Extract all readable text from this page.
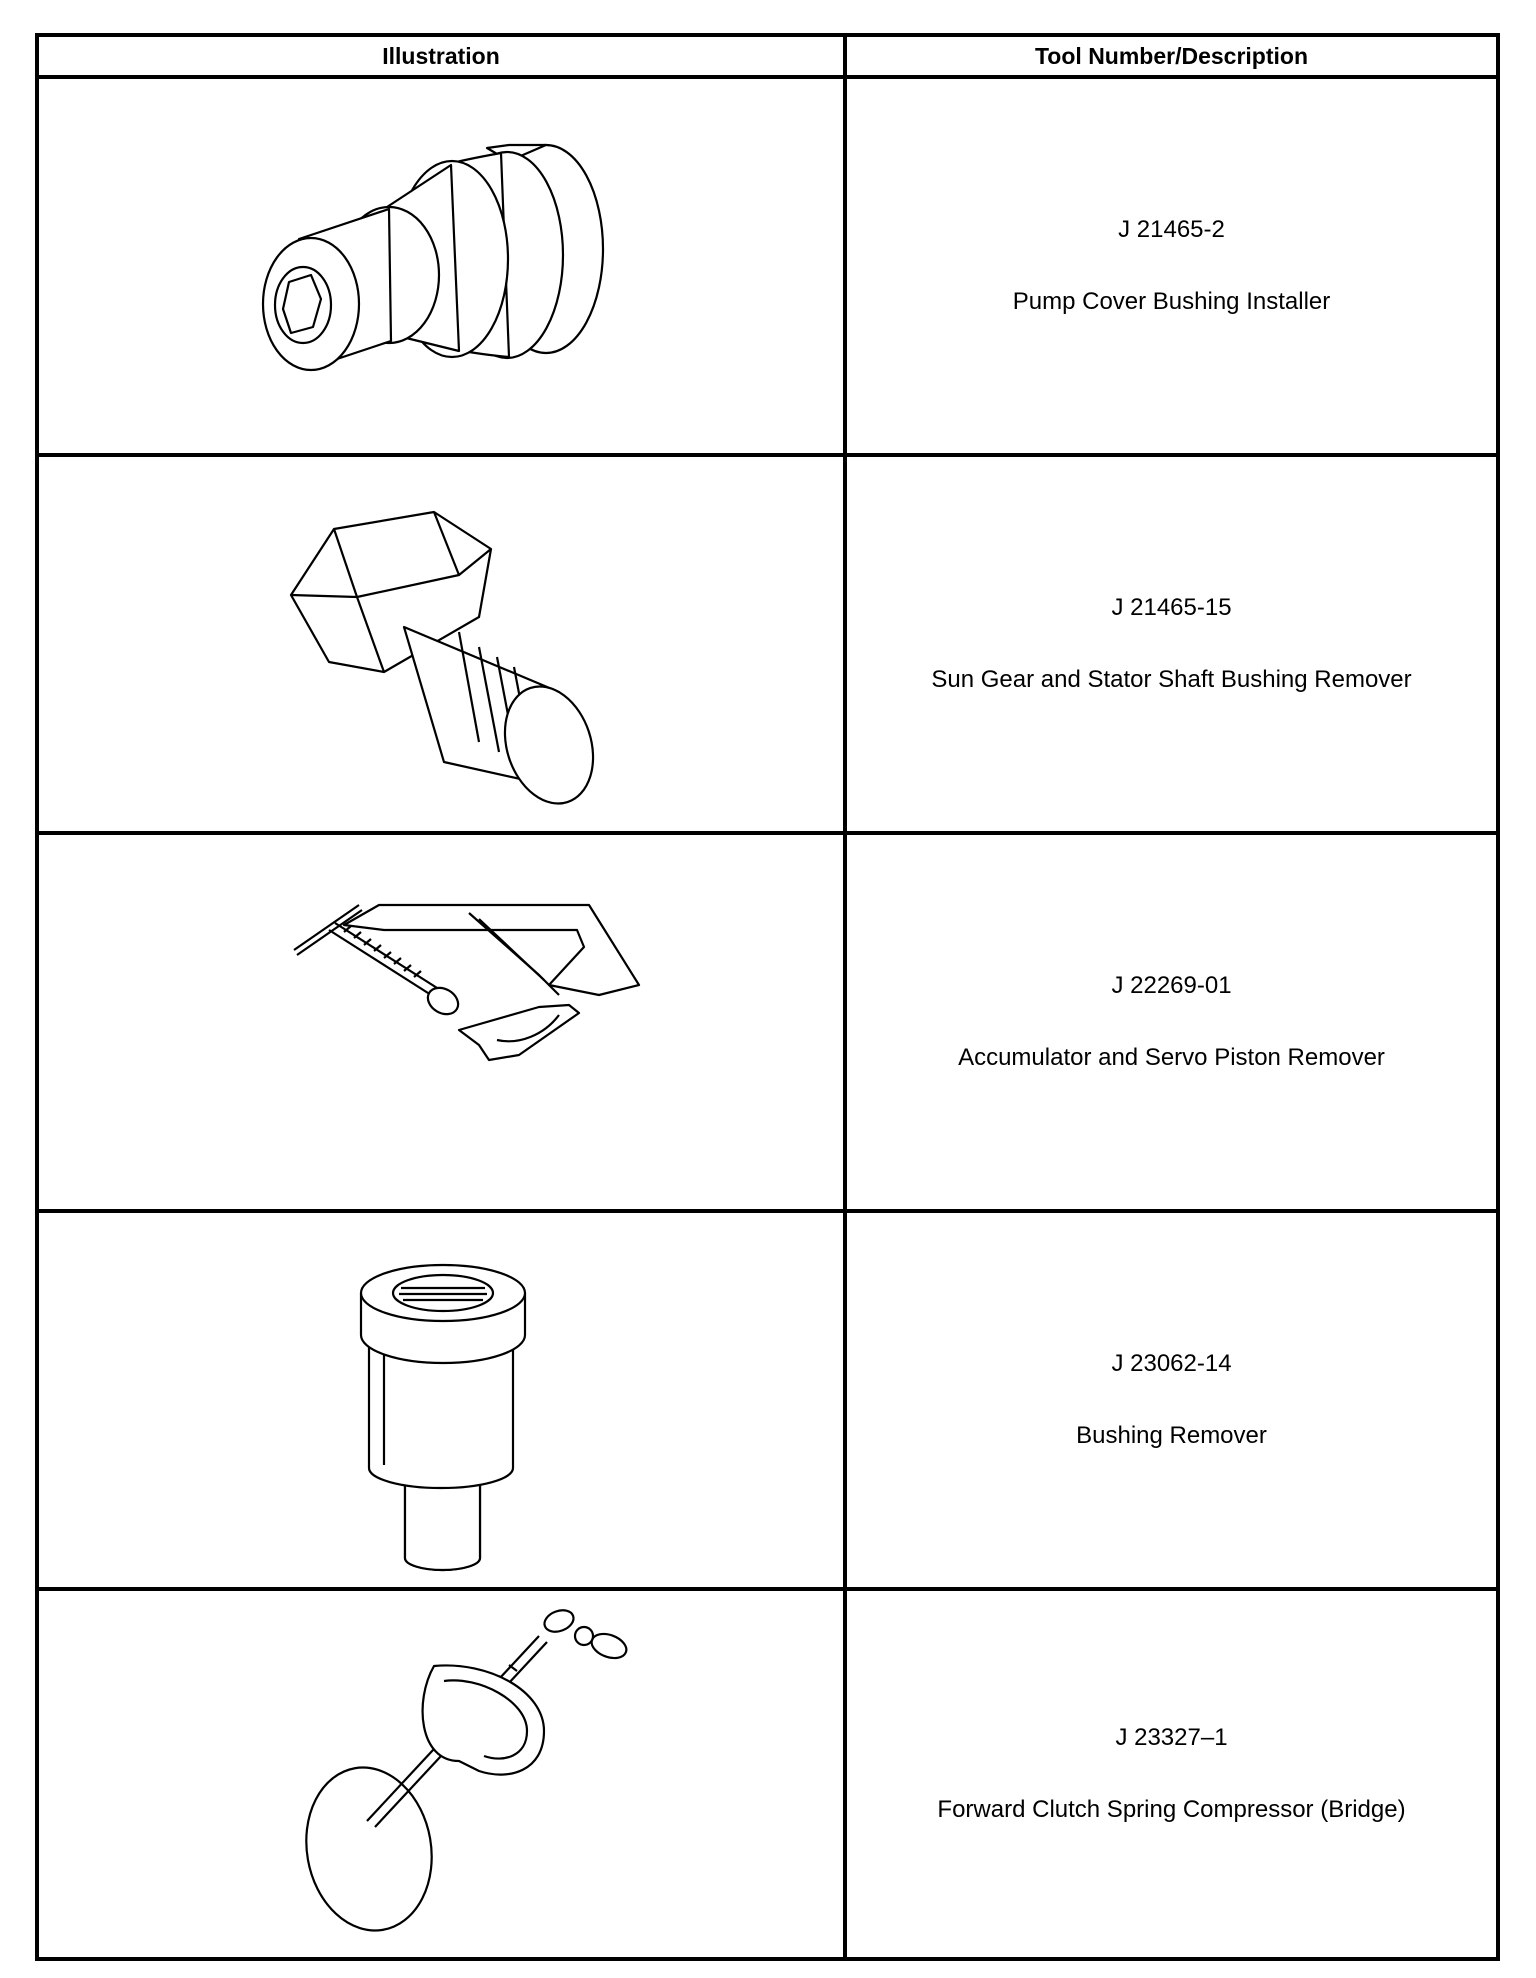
Illustration	Tool Number/Description
J 21465-2
Pump Cover Bushing Installer
J 21465-15
Sun Gear and Stator Shaft Bushing Remover
J 22269-01
Accumulator and Servo Piston Remover
J 23062-14
Bushing Remover
J 23327–1
Forward Clutch Spring Compressor (Bridge)
